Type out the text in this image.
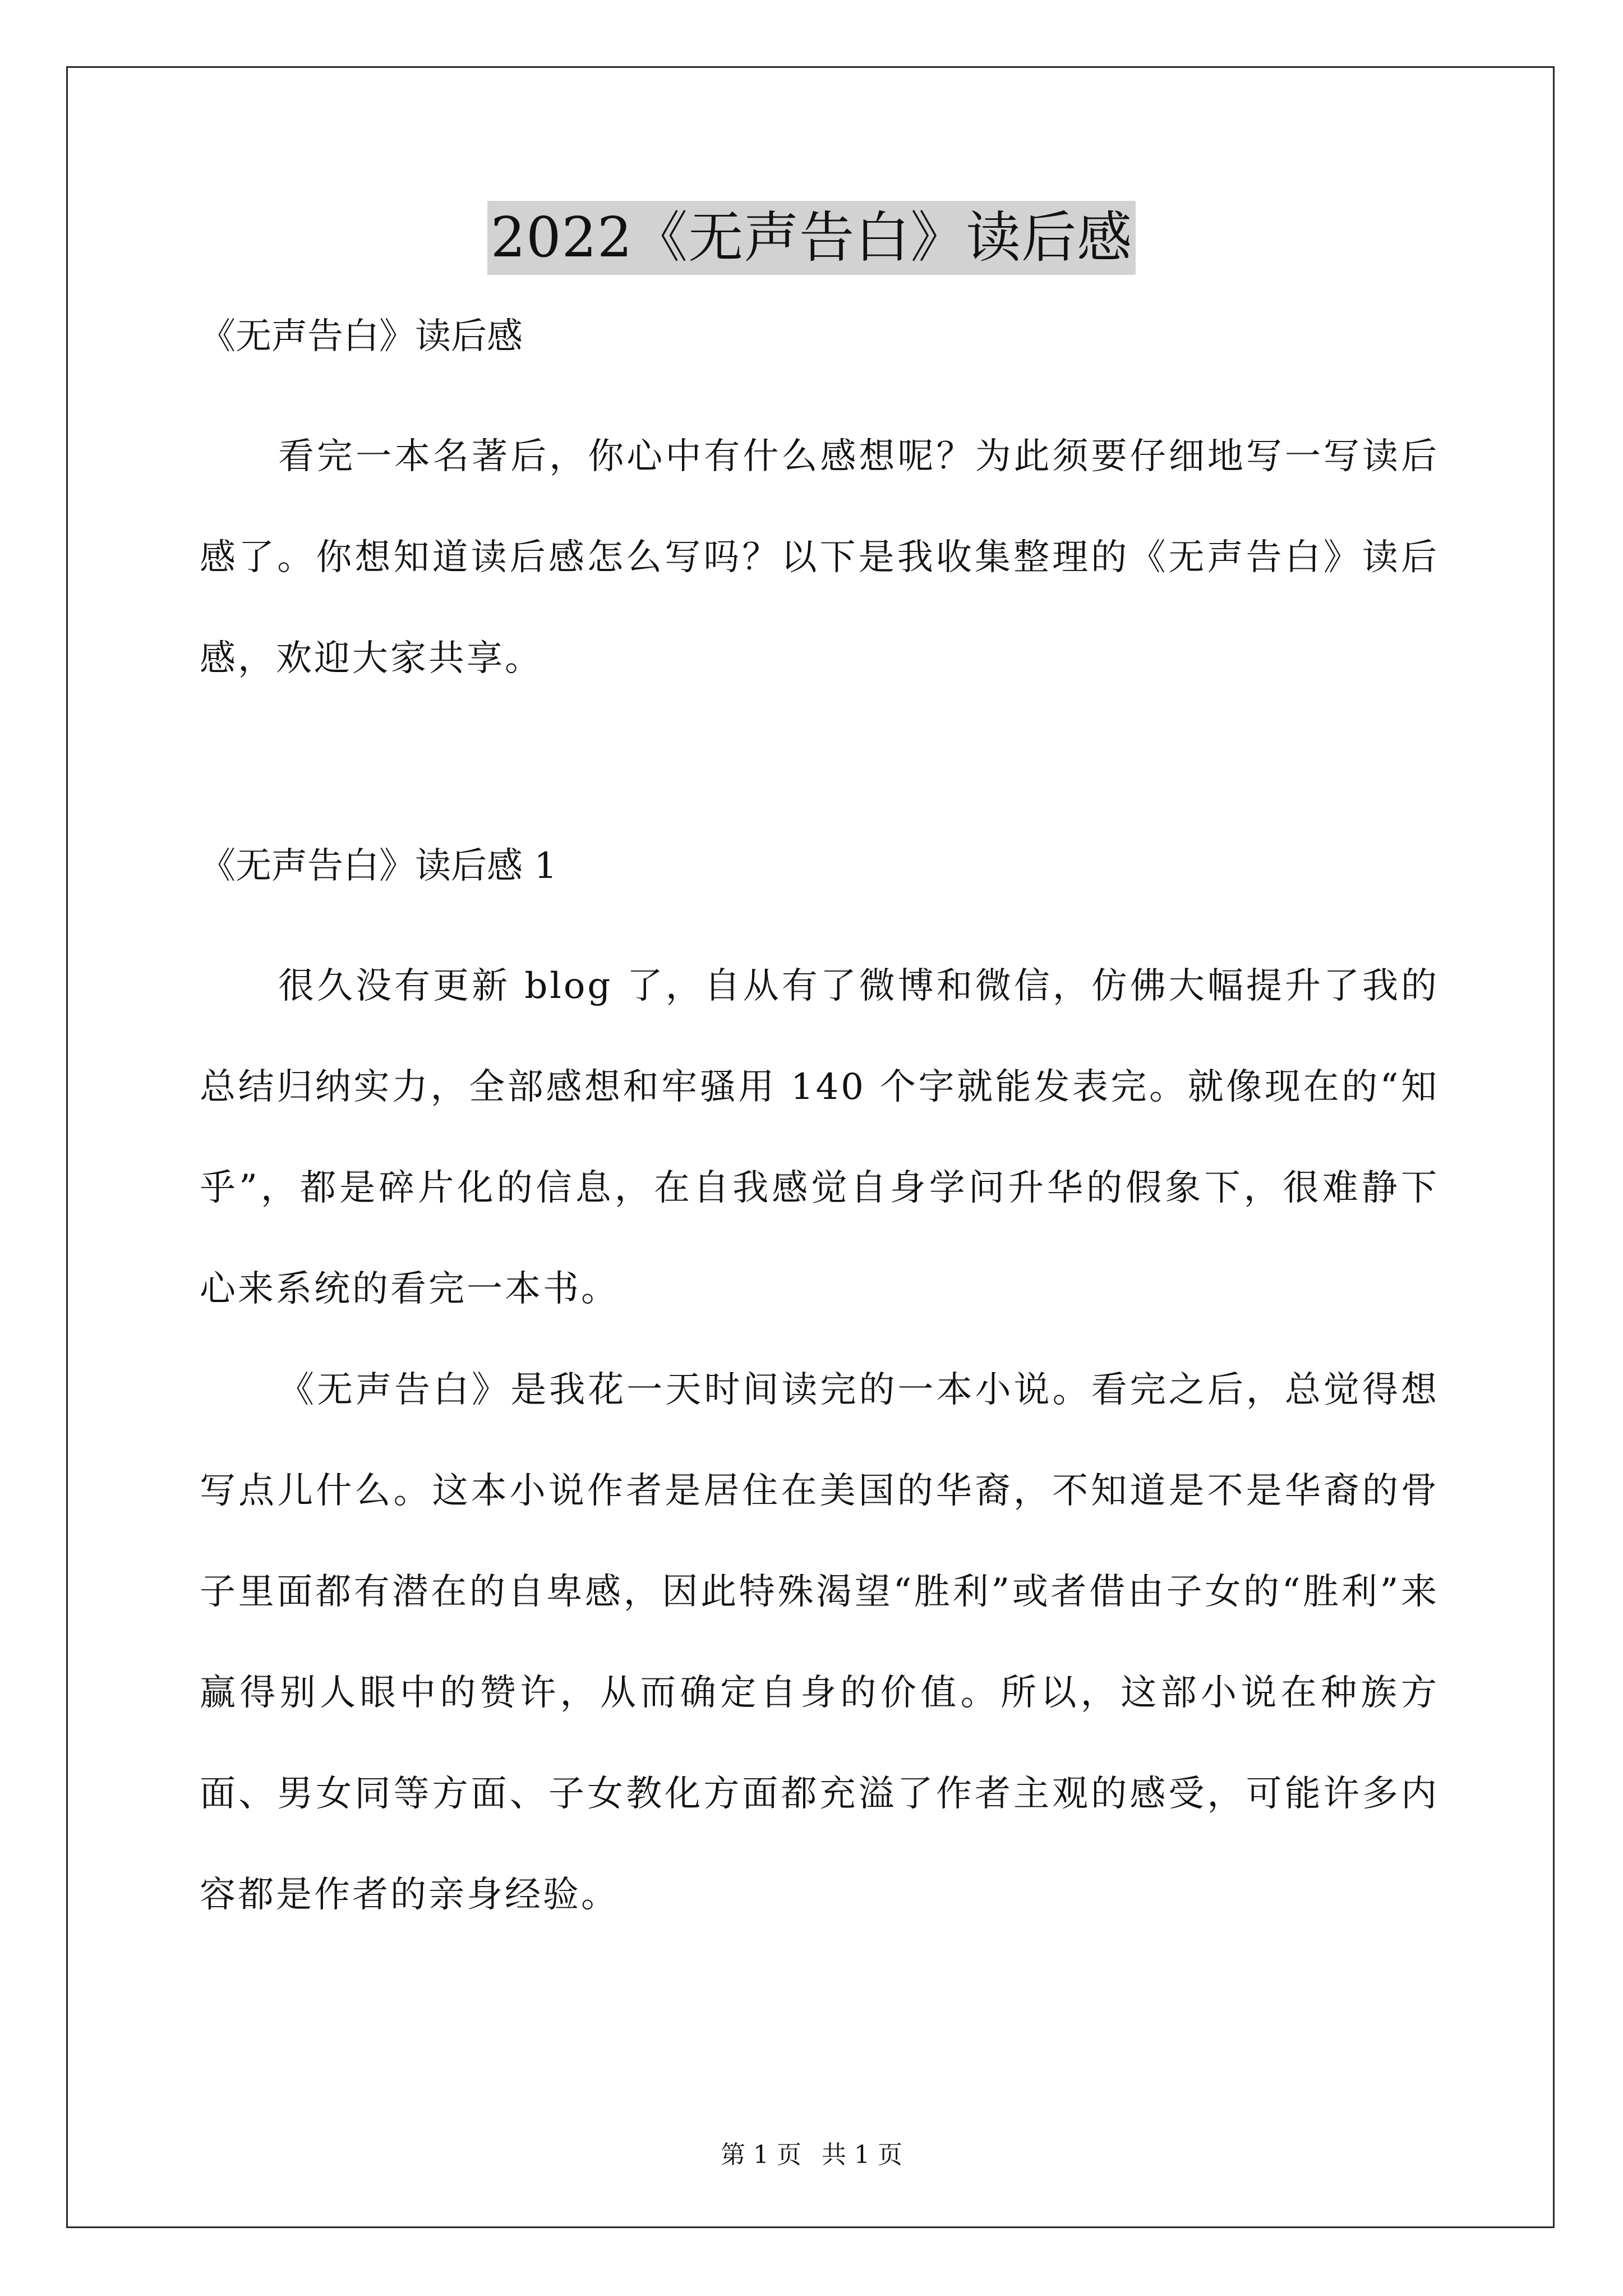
2022《无声告白》读后感

《无声告白》读后感

看完一本名著后，你心中有什么感想呢？为此须要仔细地写一写读后感了。你想知道读后感怎么写吗？以下是我收集整理的《无声告白》读后感，欢迎大家共享。

《无声告白》读后感 1

很久没有更新 blog 了，自从有了微博和微信，仿佛大幅提升了我的总结归纳实力，全部感想和牢骚用 140 个字就能发表完。就像现在的“知乎”，都是碎片化的信息，在自我感觉自身学问升华的假象下，很难静下心来系统的看完一本书。

《无声告白》是我花一天时间读完的一本小说。看完之后，总觉得想写点儿什么。这本小说作者是居住在美国的华裔，不知道是不是华裔的骨子里面都有潜在的自卑感，因此特殊渴望“胜利”或者借由子女的“胜利”来赢得别人眼中的赞许，从而确定自身的价值。所以，这部小说在种族方面、男女同等方面、子女教化方面都充溢了作者主观的感受，可能许多内容都是作者的亲身经验。

第 1 页 共 1 页
